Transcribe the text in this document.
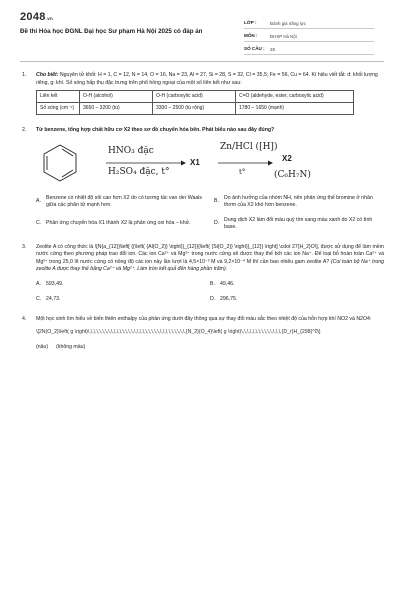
2048.vn
Đề thi Hóa học ĐGNL Đại học Sư phạm Hà Nội 2025 có đáp án
LỚP :	Đánh giá năng lực
MÔN :	ĐHSP Hà Nội
SỐ CÂU :	28
1.	Cho biết: Nguyên tử khối: H = 1, C = 12, N = 14, O = 16, Na = 23, Al = 27, Si = 28, S = 32, Cl = 35,5; Fe = 56, Cu = 64. Kí hiệu viết tắt: d: khối lượng riêng, g: khí. Số sóng hấp thụ đặc trưng trên phổ hồng ngoại của một số liên kết như sau:
Liên kết	O-H (alcohol)	O-H (carboxylic acid)	C=O (aldehyde, ester, carboxylic acid)
Số sóng (cm⁻¹)	3650 – 3200 (tù)	3300 – 2500 (tù rộng)	1780 – 1650 (mạnh)
2.	Từ benzene, tổng hợp chất hữu cơ X2 theo sơ đồ chuyển hóa bên. Phát biểu nào sau đây đúng?
HNO₃ đặc
H₂SO₄ đặc, t°
X1
Zn/HCl ([H])
t°
X2
(C₆H₇N)
A.
Benzene có nhiệt độ sôi cao hơn X2 do có tương tác van der Waals giữa các phân tử mạnh hơn.
B.
Do ảnh hưởng của nhóm NH, nên phản ứng thế bromine ở nhân thơm của X2 khó hơn benzene.
C. Phản ứng chuyển hóa X1 thành X2 là phản ứng oxi hóa – khử.	D.
Dung dịch X2 làm đổi màu quỳ tím sang màu xanh do X2 có tính base.
3.	Zeolite A có công thức là \[N{a_{12}}\left[ {{\left( {Al{O_2}} \right)}_{12}}{\left( {Si{O_2}} \right)}_{12}} \right] \cdot 27{H_2}O\], được sử dụng để làm mềm nước cứng theo phương pháp trao đổi ion. Các ion Ca²⁺ và Mg²⁺ trong nước cứng sẽ được thay thế bởi các ion Na⁺. Để loại bỏ hoàn toàn Ca²⁺ và Mg²⁺ trong 25,0 lít nước cứng có nồng độ các ion này lần lượt là 4,5×10⁻³ M và 9,2×10⁻⁴ M thì cần bao nhiêu gam zeolite A? (Coi toàn bộ Na⁺ trong zeolite A được thay thế bằng Ca²⁺ và Mg²⁺. Làm tròn kết quả đến hàng phần trăm).
A. 593,49.	B. 49,46.
C. 24,73.	D. 296,75.
4.	Một học sinh tìm hiểu về biến thiên enthalpy của phản ứng dưới đây thông qua sự thay đổi màu sắc theo nhiệt độ của hỗn hợp khí NO2 và N2O4:
\[2N{O_2}\left( g \right)\,\,\,\,\,\,\,\,\,\,\,\,\,\,\,\,\,\,\,\,\,\,\,\,\,\,\,\,\,\,\,\,\,\,{N_2}{O_4}\left( g \right)\,\,\,\,\,\,\,\,\,\,\,\,\,\,{D_r}H_{298}^0\]
(nâu) (không màu)
